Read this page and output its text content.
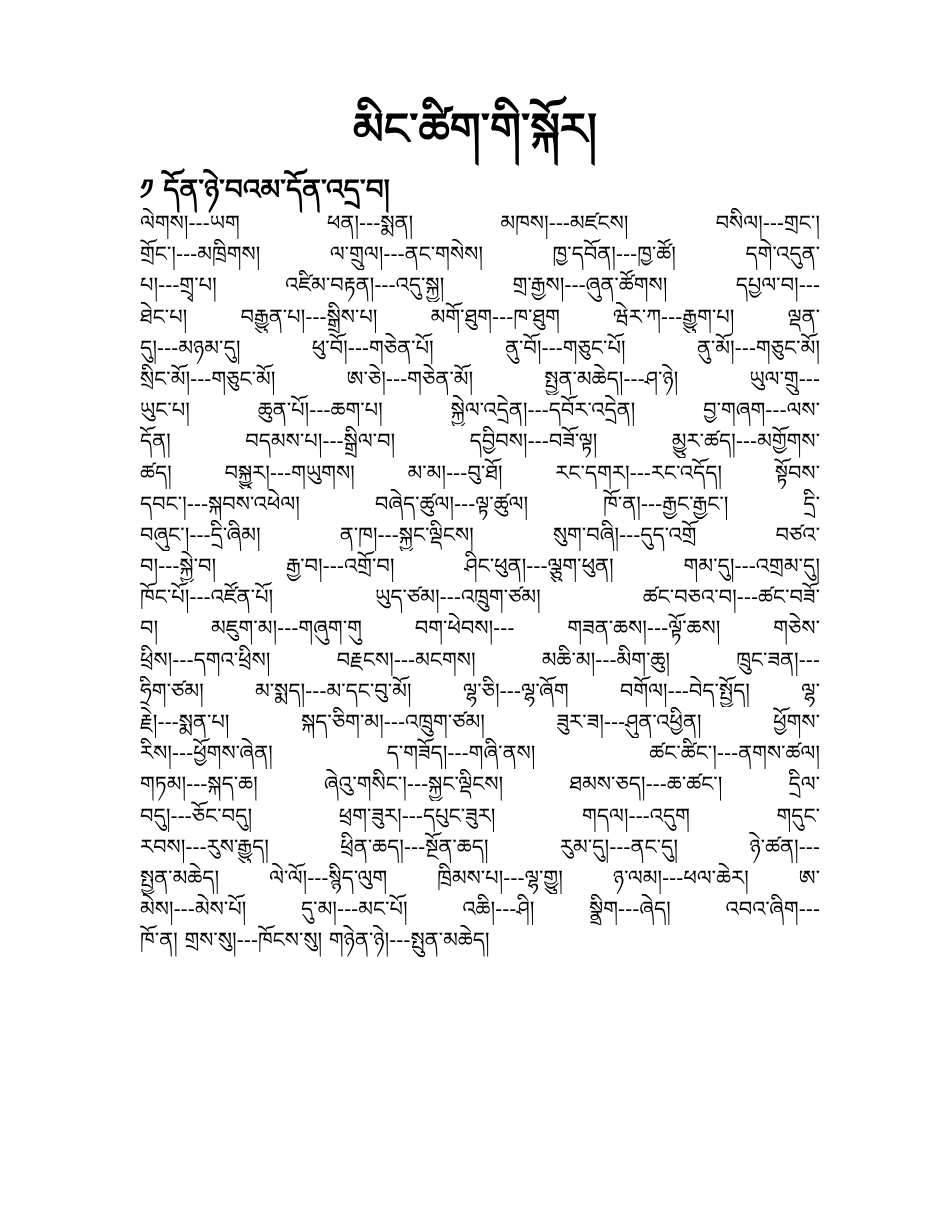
མིང་ཚིག་གི་སྐོར།
༡ དོན་ཉེ་བའམ་དོན་འདྲ་བ།
ལེགས།---ཡག ཕན།---སྨན། མཁས།---མཛངས། བསིལ།---གྲང་།
གྲོང་།---མཁྲིགས། ལ་གྲུལ།---ནང་གསེས། ཁྱ་དབོན།---ཁྱ་ཚོ། དགེ་འདུན་
པ།---གྲྭ་པ། འཛིམ་བརྟན།---འདུ་སྐྱ། གྲ་རྒྱས།---ཞུན་ཚོགས། དཔྱལ་བ།---
ཐེང་པ། བརྒྱུན་པ།---སྒྲིས་པ། མགོ་ཐུག---ཁ་ཐུག ཝེར་ཀ---རྒྱུག་པ། ལྡན་
དུ།---མཉམ་དུ། ཕུ་བོ།---གཅེན་པོ། ནུ་བོ།---གཅུང་པོ། ནུ་མོ།---གཅུང་མོ།
སྲིང་མོ།---གཅུང་མོ། ཨ་ཅེ།---གཅེན་མོ། སྤྱན་མཆེད།---ཤ་ཉེ། ཡུལ་གྲུ---
ཡུང་པ། ཆུན་པོ།---ཆག་པ། སྐྱེལ་འདྲེན།---དབོར་འདྲེན། བྱ་གཞག---ལས་
དོན། བདམས་པ།---སྒྲིལ་བ། དབྱིབས།---བཟོ་ལྟ། མྱུར་ཚད།---མགྱོགས་
ཚད། བསྐྱུར།---གཡུགས། མ་མ།---བུ་ཐོ། རང་དགར།---རང་འདོད། སྟོབས་
དབང་།---སྐབས་འཕེལ། བཞེད་ཚུལ།---ལྟ་ཚུལ། ཁོ་ན།---རྒྱང་རྒྱང་། དྲི་
བཞུང་།---དྲི་ཞིམ། ན་ཁ།---སྐྱང་ལྡིངས། སུག་བཞི།---དུད་འགྲོ བཙའ་
བ།---སྐྱེ་བ། རྒྱ་བ།---འགྲོ་བ། ཤིང་ཕུན།---ལྕུག་ཕུན། གམ་དུ།---འགྲམ་དུ།
ཁོང་པོ།---འཛོན་པོ། ཡུད་ཙམ།---འཁྲུག་ཙམ། ཚང་བཅའ་བ།---ཚང་བཟོ་
བ། མཇུག་མ།---གཞུག་གུ བག་ཕེབས།--- གཟན་ཆས།---ལྟོ་ཆས། གཅེས་
ཕྲིས།---དགའ་ཕྲིས། བརྗངས།---མངགས། མཆི་མ།---མིག་ཆུ། ཁྲུང་ཟན།---
ཧྲིག་ཙམ། མ་སྨད།---མ་དང་བུ་མོ། ལྷ་ཅི།---ལྷ་ཞོག བགོལ།---བེད་སྤྱོད། ལྷ་
རྗེ།---སྨན་པ། སྐད་ཅིག་མ།---འཁྲུག་ཙམ། ཟུར་ཟ།---ཤུན་འཕྱིན། ཕྱོགས་
རིས།---ཕྱོགས་ཞེན། ད་གཟོད།---གཞི་ནས། ཚང་ཚིང་།---ནགས་ཚལ།
གཏམ།---སྐད་ཆ། ཞེའུ་གསིང་།---སྐྱང་ལྡིངས། ཐམས་ཅད།---ཆ་ཚང་། དྲིལ་
བདུ།---ཅོང་བདུ། ཕྲག་ཟུར།---དཔུང་ཟུར། གདལ།---འདུག གདུང་
རབས།---རུས་རྒྱུད། ཕྲིན་ཆད།---སྔོན་ཆད། རུམ་དུ།---ནང་དུ། ཉེ་ཚན།---
སྤྱན་མཆེད། ལེ་ལོ།---སྙིད་ལུག ཁྲིམས་པ།---ལྷ་གྱུ། ཉ་ལམ།---ཕལ་ཆེར། ཨ་
མེས།---མེས་པོ། དུ་མ།---མང་པོ། འཆི།---ཤི། སྣྲིག---ཞེད། འབའ་ཞིག---
ཁོ་ན། གྲས་སུ།---ཁོངས་སུ། གཉེན་ཉེ།---སྤུན་མཆེད།
